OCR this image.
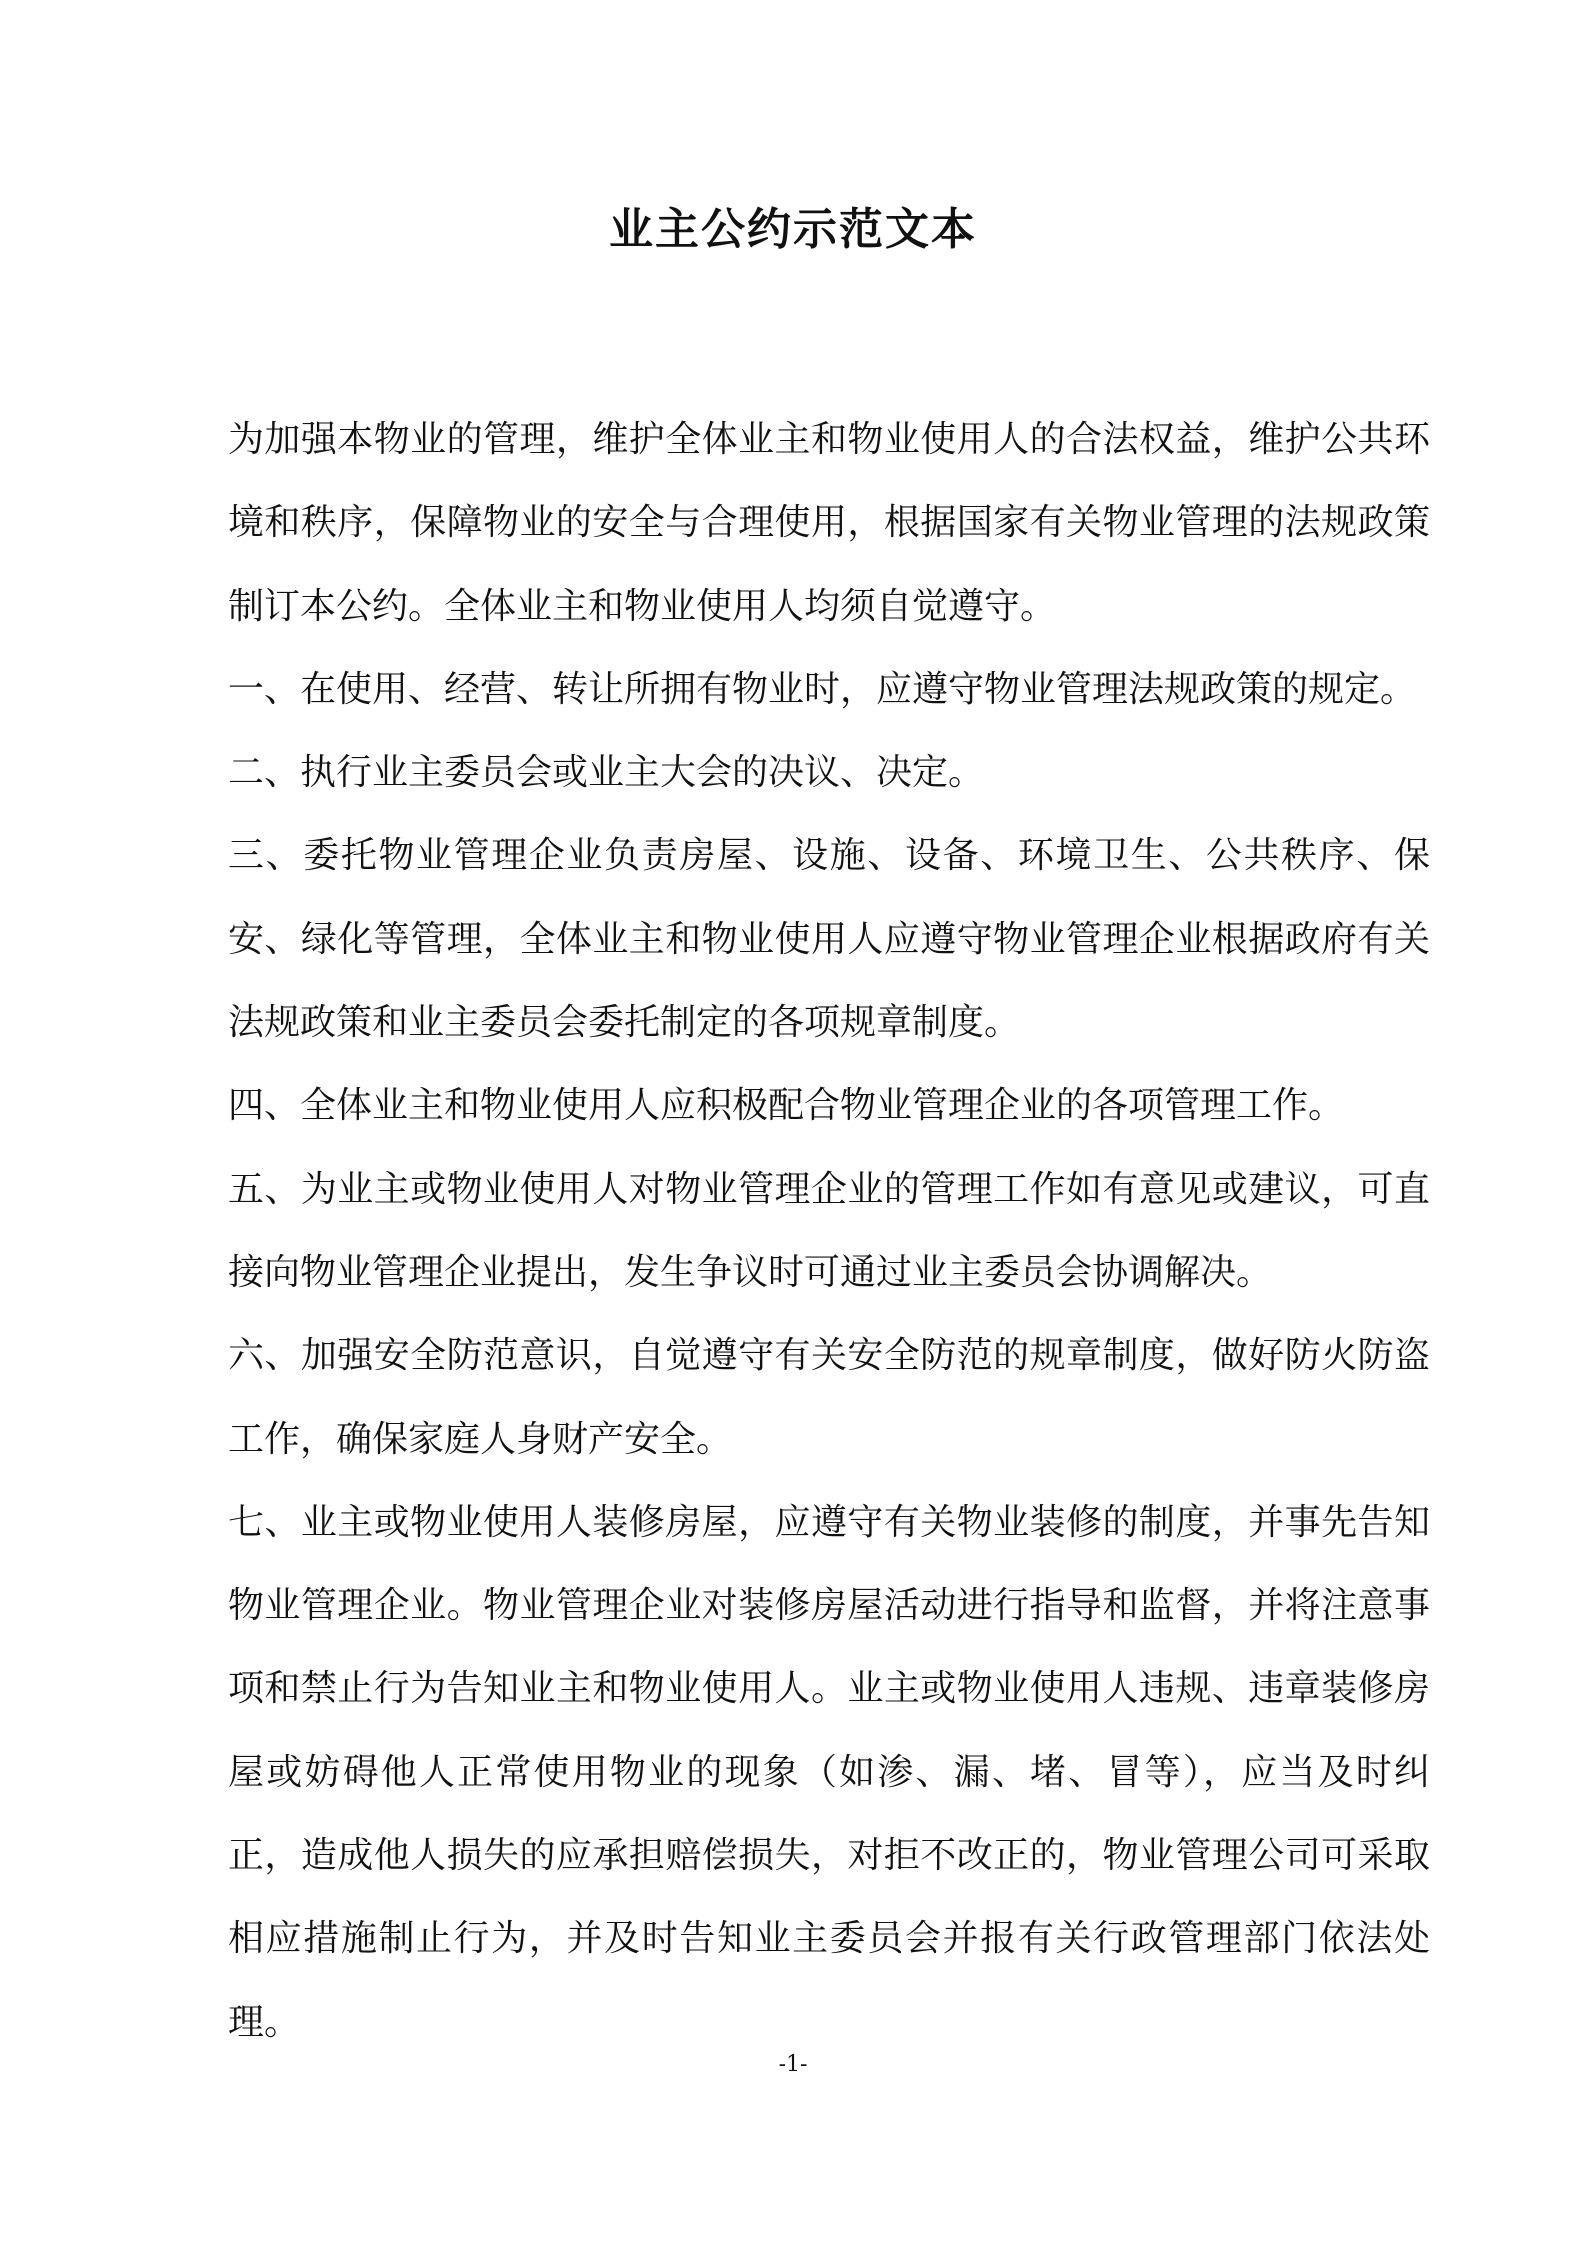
业主公约示范文本

为加强本物业的管理，维护全体业主和物业使用人的合法权益，维护公共环境和秩序，保障物业的安全与合理使用，根据国家有关物业管理的法规政策制订本公约。全体业主和物业使用人均须自觉遵守。

一、在使用、经营、转让所拥有物业时，应遵守物业管理法规政策的规定。

二、执行业主委员会或业主大会的决议、决定。

三、委托物业管理企业负责房屋、设施、设备、环境卫生、公共秩序、保安、绿化等管理，全体业主和物业使用人应遵守物业管理企业根据政府有关法规政策和业主委员会委托制定的各项规章制度。

四、全体业主和物业使用人应积极配合物业管理企业的各项管理工作。

五、为业主或物业使用人对物业管理企业的管理工作如有意见或建议，可直接向物业管理企业提出，发生争议时可通过业主委员会协调解决。

六、加强安全防范意识，自觉遵守有关安全防范的规章制度，做好防火防盗工作，确保家庭人身财产安全。

七、业主或物业使用人装修房屋，应遵守有关物业装修的制度，并事先告知物业管理企业。物业管理企业对装修房屋活动进行指导和监督，并将注意事项和禁止行为告知业主和物业使用人。业主或物业使用人违规、违章装修房屋或妨碍他人正常使用物业的现象（如渗、漏、堵、冒等），应当及时纠正，造成他人损失的应承担赔偿损失，对拒不改正的，物业管理公司可采取相应措施制止行为，并及时告知业主委员会并报有关行政管理部门依法处理。

-1-
